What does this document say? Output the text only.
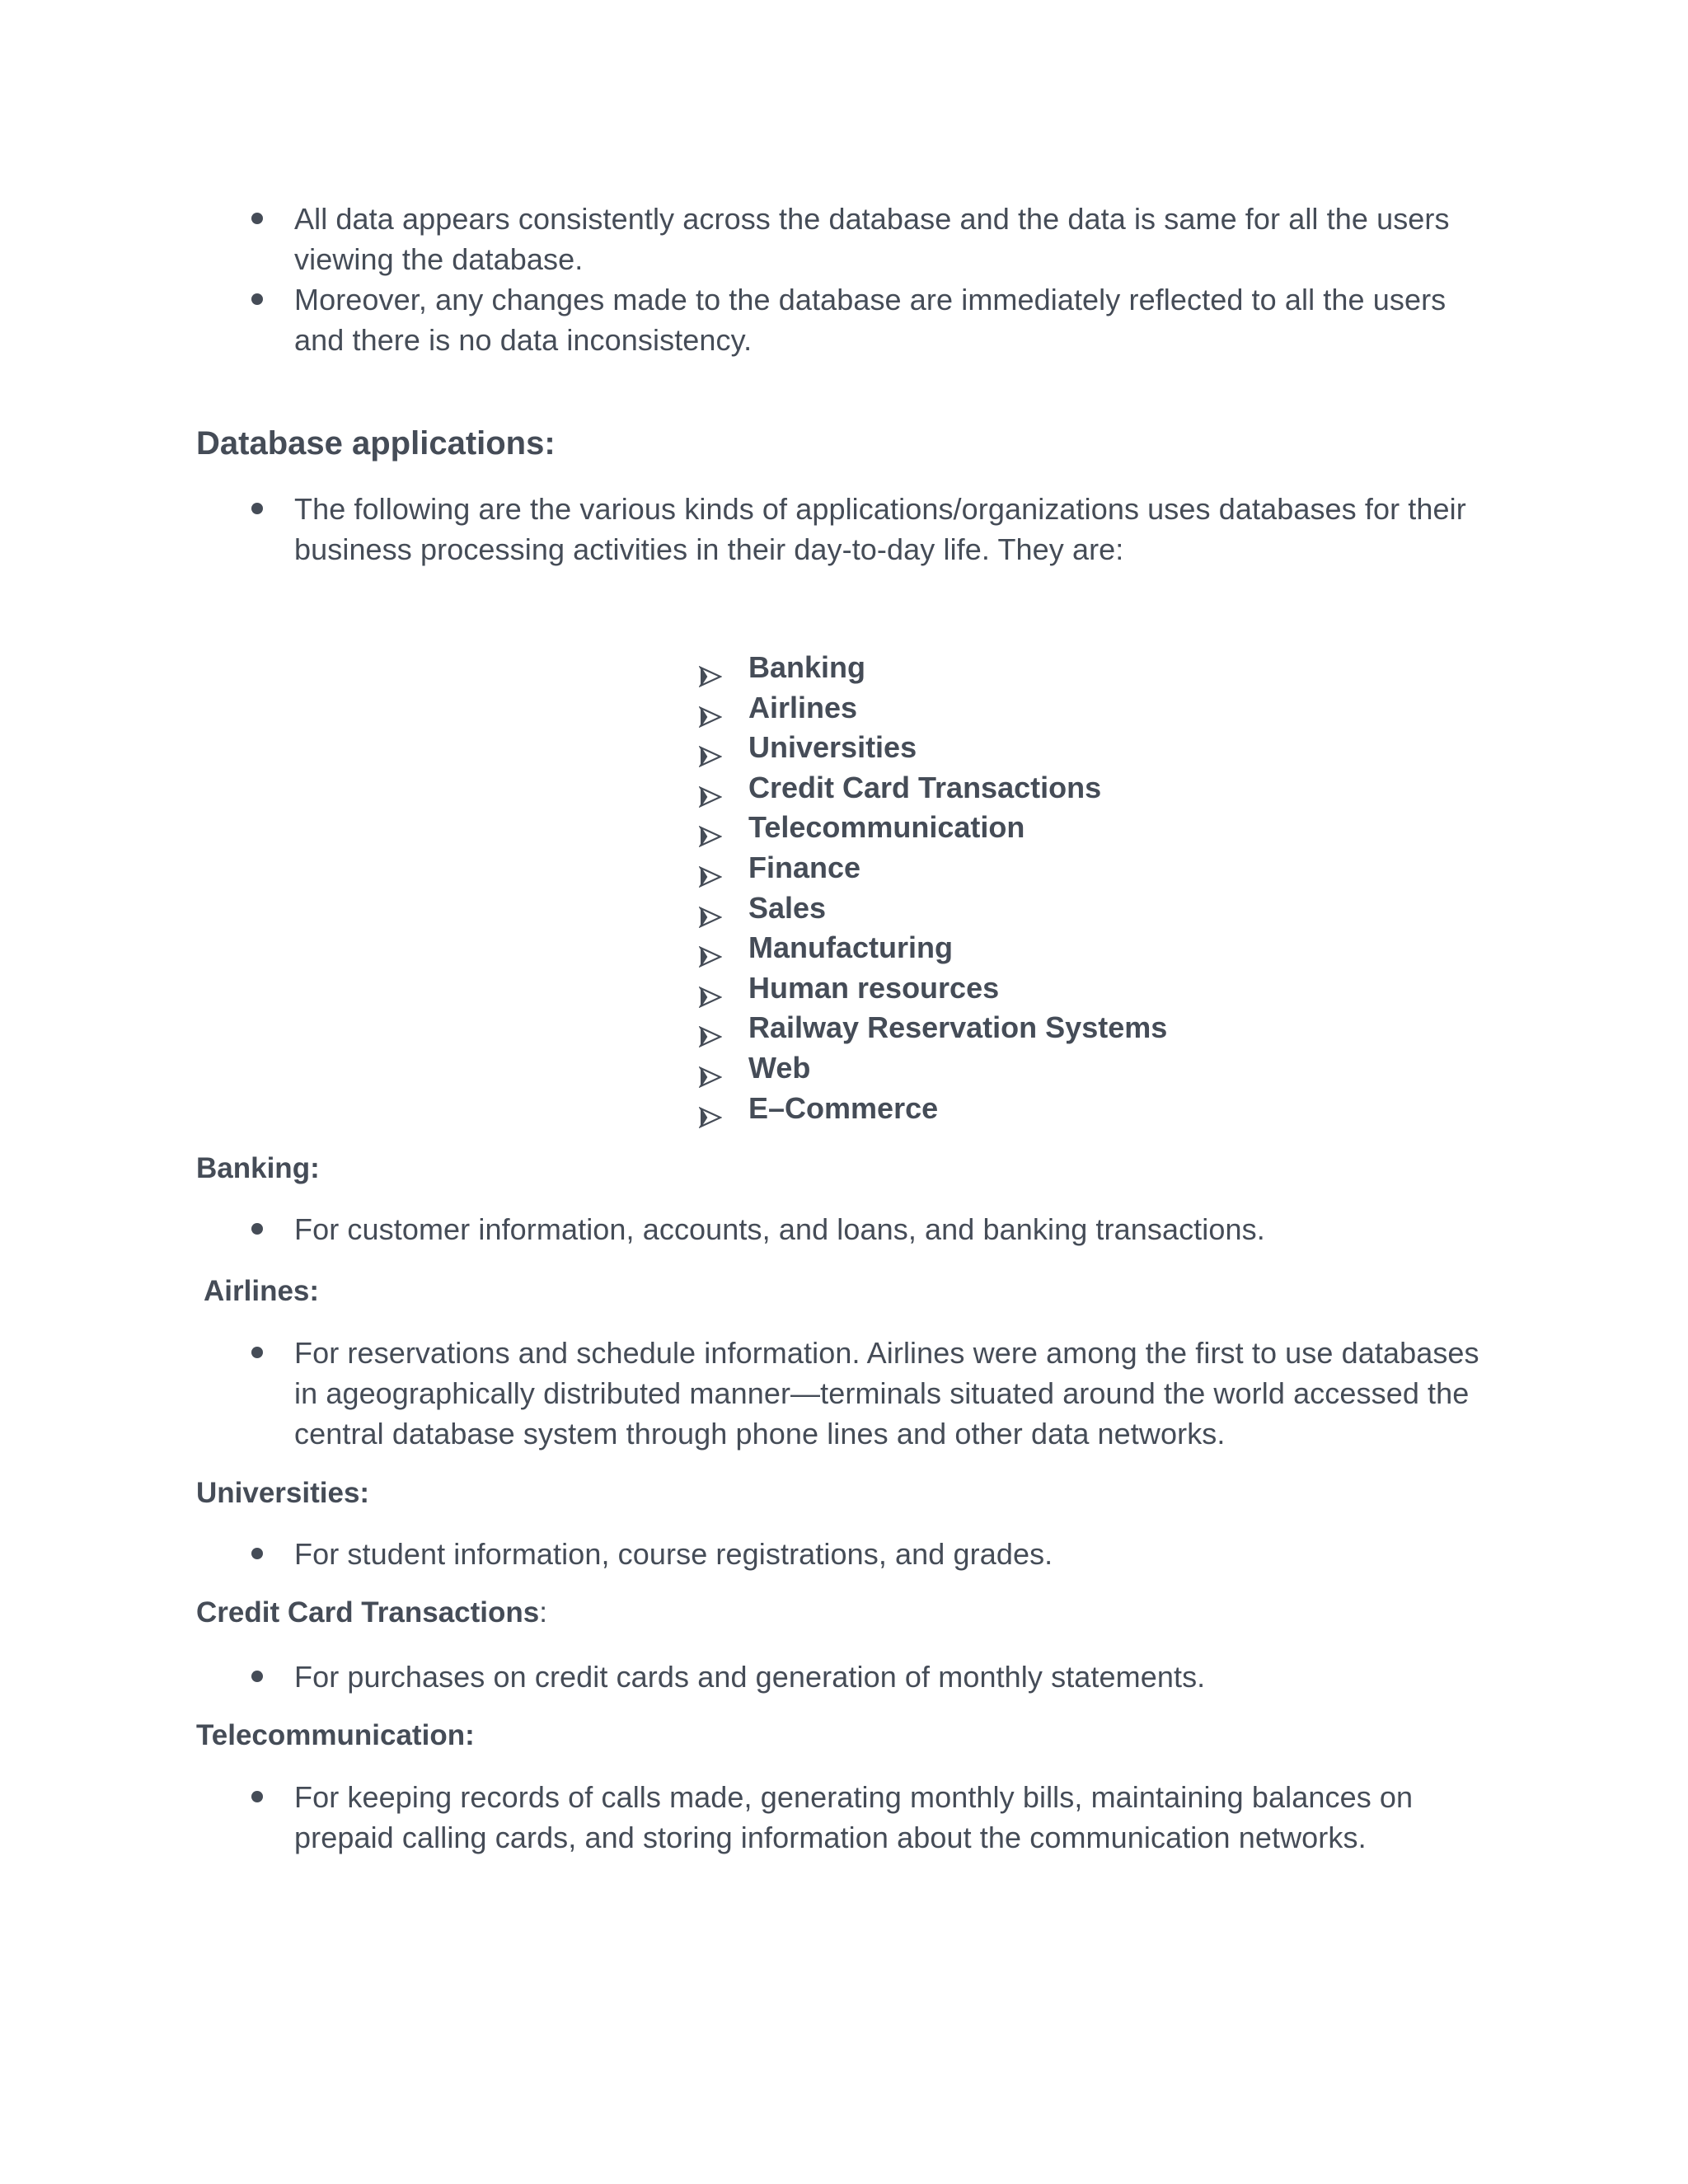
All data appears consistently across the database and the data is same for all the users viewing the database.
Moreover, any changes made to the database are immediately reflected to all the users and there is no data inconsistency.
Database applications:
The following are the various kinds of applications/organizations uses databases for their business processing activities in their day-to-day life. They are:
Banking
Airlines
Universities
Credit Card Transactions
Telecommunication
Finance
Sales
Manufacturing
Human resources
Railway Reservation Systems
Web
E–Commerce
Banking:
For customer information, accounts, and loans, and banking transactions.
Airlines:
For reservations and schedule information. Airlines were among the first to use databases in ageographically distributed manner—terminals situated around the world accessed the central database system through phone lines and other data networks.
Universities:
For student information, course registrations, and grades.
Credit Card Transactions:
For purchases on credit cards and generation of monthly statements.
Telecommunication:
For keeping records of calls made, generating monthly bills, maintaining balances on prepaid calling cards, and storing information about the communication networks.
